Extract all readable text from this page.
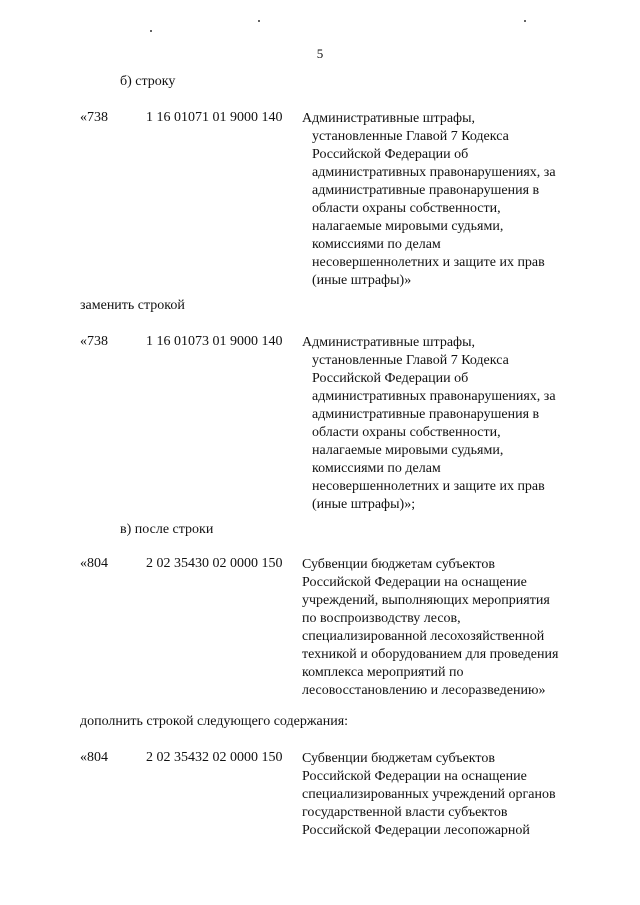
5
б) строку
«738	1 16 01071 01 9000 140 Административные штрафы,
установленные Главой 7 Кодекса
Российской Федерации об
административных правонарушениях, за
административные правонарушения в
области охраны собственности,
налагаемые мировыми судьями,
комиссиями по делам
несовершеннолетних и защите их прав
(иные штрафы)»
заменить строкой
«738	1 16 01073 01 9000 140 Административные штрафы,
установленные Главой 7 Кодекса
Российской Федерации об
административных правонарушениях, за
административные правонарушения в
области охраны собственности,
налагаемые мировыми судьями,
комиссиями по делам
несовершеннолетних и защите их прав
(иные штрафы)»;
в) после строки
«804	2 02 35430 02 0000 150 Субвенции бюджетам субъектов
Российской Федерации на оснащение
учреждений, выполняющих мероприятия
по воспроизводству лесов,
специализированной лесохозяйственной
техникой и оборудованием для проведения
комплекса мероприятий по
лесовосстановлению и лесоразведению»
дополнить строкой следующего содержания:
«804	2 02 35432 02 0000 150 Субвенции бюджетам субъектов
Российской Федерации на оснащение
специализированных учреждений органов
государственной власти субъектов
Российской Федерации лесопожарной
